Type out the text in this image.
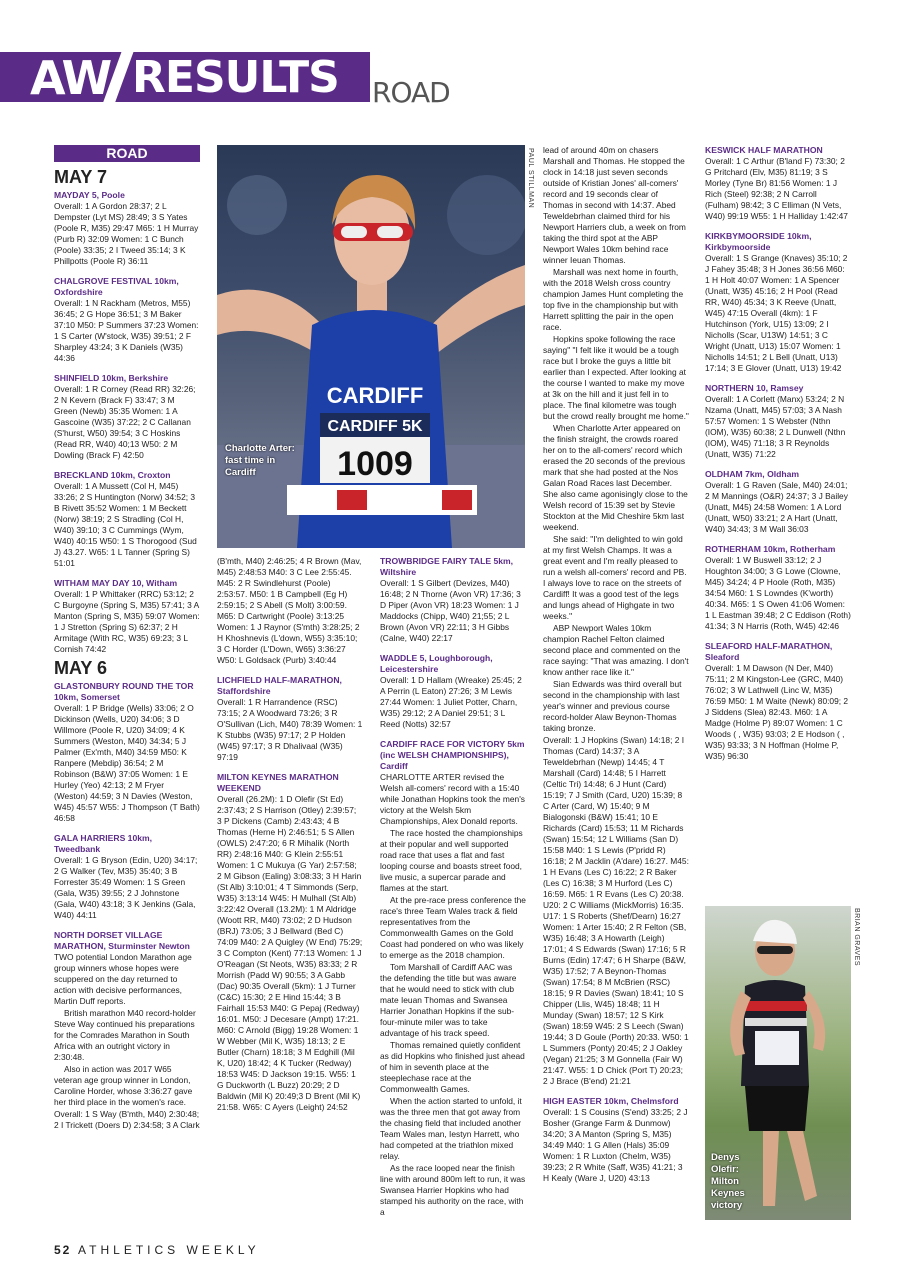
AW RESULTS ROAD
ROAD
MAY 7
MAYDAY 5, Poole

Overall: 1 A Gordon 28:37; 2 L Dempster (Lyt MS) 28:49; 3 S Yates (Poole R, M35) 29:47 M65: 1 H Murray (Purb R) 32:09 Women: 1 C Bunch (Poole) 33:35; 2 I Tweed 35:14; 3 K Phillpotts (Poole R) 36:11

CHALGROVE FESTIVAL 10km, Oxfordshire

Overall: 1 N Rackham (Metros, M55) 36:45; 2 G Hope 36:51; 3 M Baker 37:10 M50: P Summers 37:23 Women: 1 S Carter (W'stock, W35) 39:51; 2 F Sharpley 43:24; 3 K Daniels (W35) 44:36

SHINFIELD 10km, Berkshire

Overall: 1 R Corney (Read RR) 32:26; 2 N Kevern (Brack F) 33:47; 3 M Green (Newb) 35:35 Women: 1 A Gascoine (W35) 37:22; 2 C Callanan (S'hurst, W50) 39:54; 3 C Hoskins (Read RR, W40) 40;13 W50: 2 M Dowling (Brack F) 42:50

BRECKLAND 10km, Croxton

Overall: 1 A Mussett (Col H, M45) 33:26; 2 S Huntington (Norw) 34:52; 3 B Rivett 35:52 Women: 1 M Beckett (Norw) 38:19; 2 S Stradling (Col H, W40) 39:10; 3 C Cummings (Wym, W40) 40:15 W50: 1 S Thorogood (Sud J) 43.27. W65: 1 L Tanner (Spring S) 51:01

WITHAM MAY DAY 10, Witham

Overall: 1 P Whittaker (RRC) 53:12; 2 C Burgoyne (Spring S, M35) 57:41; 3 A Manton (Spring S, M35) 59:07 Women: 1 J Stretton (Spring S) 62:37; 2 H Armitage (With RC, W35) 69:23; 3 L Cornish 74:42

MAY 6
GLASTONBURY ROUND THE TOR 10km, Somerset

Overall: 1 P Bridge (Wells) 33:06; 2 O Dickinson (Wells, U20) 34:06; 3 D Willmore (Poole R, U20) 34:09; 4 K Summers (Weston, M40) 34:34; 5 J Palmer (Ex'mth, M40) 34:59 M50: K Ranpere (Mebdip) 36:54; 2 M Robinson (B&W) 37:05 Women: 1 E Hurley (Yeo) 42:13; 2 M Fryer (Weston) 44:59; 3 N Davies (Weston, W45) 45:57 W55: J Thompson (T Bath) 46:58

GALA HARRIERS 10km, Tweedbank

Overall: 1 G Bryson (Edin, U20) 34:17; 2 G Walker (Tev, M35) 35:40; 3 B Forrester 35:49 Women: 1 S Green (Gala, W35) 39:55; 2 J Johnstone (Gala, W40) 43:18; 3 K Jenkins (Gala, W40) 44:11

NORTH DORSET VILLAGE MARATHON, Sturminster Newton

TWO potential London Marathon age group winners whose hopes were scuppered on the day returned to action with decisive performances, Martin Duff reports.

British marathon M40 record-holder Steve Way continued his preparations for the Comrades Marathon in South Africa with an outright victory in 2:30:48.

Also in action was 2017 W65 veteran age group winner in London, Caroline Horder, whose 3:36:27 gave her third place in the women's race.

Overall: 1 S Way (B'mth, M40) 2:30:48; 2 I Trickett (Doers D) 2:34:58; 3 A Clark

CARDIFF
CARDIFF 5K
1009
Charlotte Arter: fast time in Cardiff
PAUL STILLMAN

(B'mth, M40) 2:46:25; 4 R Brown (Mav, M45) 2:48:53 M40: 3 C Lee 2:55:45. M45: 2 R Swindlehurst (Poole) 2:53:57. M50: 1 B Campbell (Eg H) 2:59:15; 2 S Abell (S Molt) 3:00:59. M65: D Cartwright (Poole) 3:13:25 Women: 1 J Raynor (S'mth) 3:28:25; 2 H Khoshnevis (L'down, W55) 3:35:10; 3 C Horder (L'Down, W65) 3:36:27 W50: L Goldsack (Purb) 3:40:44

LICHFIELD HALF-MARATHON, Staffordshire

Overall: 1 R Harrandence (RSC) 73:15; 2 A Woodward 73:26; 3 R O'Sullivan (Lich, M40) 78:39 Women: 1 K Stubbs (W35) 97:17; 2 P Holden (W45) 97:17; 3 R Dhalivaal (W35) 97:19

MILTON KEYNES MARATHON WEEKEND

Overall (26.2M): 1 D Olefir (St Ed) 2:37:43; 2 S Harrison (Otley) 2:39:57; 3 P Dickens (Camb) 2:43:43; 4 B Thomas (Herne H) 2:46:51; 5 S Allen (OWLS) 2:47:20; 6 R Mihalik (North RR) 2:48:16 M40: G Klein 2:55:51 Women: 1 C Mukuya (G Yar) 2:57:58; 2 M Gibson (Ealing) 3:08:33; 3 H Harin (St Alb) 3:10:01; 4 T Simmonds (Serp, W35) 3:13:14 W45: H Mulhall (St Alb) 3:22:42 Overall (13.2M): 1 M Aldridge (Woott RR, M40) 73:02; 2 D Hudson (BRJ) 73:05; 3 J Bellward (Bed C) 74:09 M40: 2 A Quigley (W End) 75:29; 3 C Compton (Kent) 77:13 Women: 1 J O'Reagan (St Neots, W35) 83:33; 2 R Morrish (Padd W) 90:55; 3 A Gabb (Dac) 90:35 Overall (5km): 1 J Turner (C&C) 15:30; 2 E Hind 15:44; 3 B Fairhall 15:53 M40: G Pepaj (Redway) 16:01. M50: J Decesare (Ampt) 17:21. M60: C Arnold (Bigg) 19:28 Women: 1 W Webber (Mil K, W35) 18:13; 2 E Butler (Charn) 18:18; 3 M Edghill (Mil K, U20) 18:42; 4 K Tucker (Redway) 18:53 W45: D Jackson 19:15. W55: 1 G Duckworth (L Buzz) 20:29; 2 D Baldwin (Mil K) 20:49;3 D Brent (Mil K) 21:58. W65: C Ayers (Leight) 24:52

TROWBRIDGE FAIRY TALE 5km, Wiltshire

Overall: 1 S Gilbert (Devizes, M40) 16:48; 2 N Thorne (Avon VR) 17:36; 3 D Piper (Avon VR) 18:23 Women: 1 J Maddocks (Chipp, W40) 21;55; 2 L Brown (Avon VR) 22:11; 3 H Gibbs (Calne, W40) 22:17

WADDLE 5, Loughborough, Leicestershire

Overall: 1 D Hallam (Wreake) 25:45; 2 A Perrin (L Eaton) 27:26; 3 M Lewis 27:44 Women: 1 Juliet Potter, Charn, W35) 29:12; 2 A Daniel 29:51; 3 L Reed (Notts) 32:57

CARDIFF RACE FOR VICTORY 5km (inc WELSH CHAMPIONSHIPS), Cardiff

CHARLOTTE ARTER revised the Welsh all-comers' record with a 15:40 while Jonathan Hopkins took the men's victory at the Welsh 5km Championships, Alex Donald reports.

The race hosted the championships at their popular and well supported road race that uses a flat and fast looping course and boasts street food, live music, a supercar parade and flames at the start.

At the pre-race press conference the race's three Team Wales track & field representatives from the Commonwealth Games on the Gold Coast had pondered on who was likely to emerge as the 2018 champion.

Tom Marshall of Cardiff AAC was the defending the title but was aware that he would need to stick with club mate Ieuan Thomas and Swansea Harrier Jonathan Hopkins if the sub-four-minute miler was to take advantage of his track speed.

Thomas remained quietly confident as did Hopkins who finished just ahead of him in seventh place at the steeplechase race at the Commonwealth Games.

When the action started to unfold, it was the three men that got away from the chasing field that included another Team Wales man, Iestyn Harrett, who had competed at the triathlon mixed relay.

As the race looped near the finish line with around 800m left to run, it was Swansea Harrier Hopkins who had stamped his authority on the race, with a

lead of around 40m on chasers Marshall and Thomas. He stopped the clock in 14:18 just seven seconds outside of Kristian Jones' all-comers' record and 19 seconds clear of Thomas in second with 14:37. Abed Teweldebrhan claimed third for his Newport Harriers club, a week on from taking the third spot at the ABP Newport Wales 10km behind race winner Ieuan Thomas.

Marshall was next home in fourth, with the 2018 Welsh cross country champion James Hunt completing the top five in the championship but with Harrett splitting the pair in the open race.

Hopkins spoke following the race saying" "I felt like it would be a tough race but I broke the guys a little bit earlier than I expected. After looking at the course I wanted to make my move at 3k on the hill and it just fell in to place. The final kilometre was tough but the crowd really brought me home."

When Charlotte Arter appeared on the finish straight, the crowds roared her on to the all-comers' record which erased the 20 seconds of the previous mark that she had posted at the Nos Galan Road Races last December. She also came agonisingly close to the Welsh record of 15:39 set by Stevie Stockton at the Mid Cheshire 5km last weekend.

She said: "I'm delighted to win gold at my first Welsh Champs. It was a great event and I'm really pleased to run a welsh all-comers' record and PB. I always love to race on the streets of Cardiff! It was a good test of the legs and lungs ahead of Highgate in two weeks."

ABP Newport Wales 10km champion Rachel Felton claimed second place and commented on the race saying: "That was amazing. I don't know anther race like it."

Sian Edwards was third overall but second in the championship with last year's winner and previous course record-holder Alaw Beynon-Thomas taking bronze.

Overall: 1 J Hopkins (Swan) 14:18; 2 I Thomas (Card) 14:37; 3 A Teweldebrhan (Newp) 14:45; 4 T Marshall (Card) 14:48; 5 I Harrett (Celtic Tri) 14:48; 6 J Hunt (Card) 15:19; 7 J Smith (Card, U20) 15:39; 8 C Arter (Card, W) 15:40; 9 M Bialogonski (B&W) 15:41; 10 E Richards (Card) 15:53; 11 M Richards (Swan) 15:54; 12 L Williams (San D) 15:58 M40: 1 S Lewis (P'pridd R) 16:18; 2 M Jacklin (A'dare) 16:27. M45: 1 H Evans (Les C) 16:22; 2 R Baker (Les C) 16:38; 3 M Hurford (Les C) 16:59. M65: 1 R Evans (Les C) 20:38. U20: 2 C Williams (MickMorris) 16:35. U17: 1 S Roberts (Shef/Dearn) 16:27 Women: 1 Arter 15:40; 2 R Felton (SB, W35) 16:48; 3 A Howarth (Leigh) 17:01; 4 S Edwards (Swan) 17:16; 5 R Burns (Edin) 17:47; 6 H Sharpe (B&W, W35) 17:52; 7 A Beynon-Thomas (Swan) 17:54; 8 M McBrien (RSC) 18:15; 9 R Davies (Swan) 18:41; 10 S Chipper (Llis, W45) 18:48; 11 H Munday (Swan) 18:57; 12 S Kirk (Swan) 18:59 W45: 2 S Leech (Swan) 19:44; 3 D Goule (Porth) 20:33. W50: 1 L Summers (Ponty) 20:45; 2 J Oakley (Vegan) 21:25; 3 M Gonnella (Fair W) 21:47. W55: 1 D Chick (Port T) 20:23; 2 J Brace (B'end) 21:21

HIGH EASTER 10km, Chelmsford

Overall: 1 S Cousins (S'end) 33:25; 2 J Bosher (Grange Farm & Dunmow) 34:20; 3 A Manton (Spring S, M35) 34:49 M40: 1 G Allen (Hals) 35:09 Women: 1 R Luxton (Chelm, W35) 39:23; 2 R White (Saff, W35) 41:21; 3 H Kealy (Ware J, U20) 43:13

KESWICK HALF MARATHON

Overall: 1 C Arthur (B'land F) 73:30; 2 G Pritchard (Elv, M35) 81:19; 3 S Morley (Tyne Br) 81:56 Women: 1 J Rich (Steel) 92:38; 2 N Carroll (Fulham) 98:42; 3 C Elliman (N Vets, W40) 99:19 W55: 1 H Halliday 1:42:47

KIRKBYMOORSIDE 10km, Kirkbymoorside

Overall: 1 S Grange (Knaves) 35:10; 2 J Fahey 35:48; 3 H Jones 36:56 M60: 1 H Holt 40:07 Women: 1 A Spencer (Unatt, W35) 45:16; 2 H Pool (Read RR, W40) 45:34; 3 K Reeve (Unatt, W45) 47:15 Overall (4km): 1 F Hutchinson (York, U15) 13:09; 2 I Nicholls (Scar, U13W) 14:51; 3 C Wright (Unatt, U13) 15:07 Women: 1 Nicholls 14:51; 2 L Bell (Unatt, U13) 17:14; 3 E Glover (Unatt, U13) 19:42

NORTHERN 10, Ramsey

Overall: 1 A Corlett (Manx) 53:24; 2 N Nzama (Unatt, M45) 57:03; 3 A Nash 57:57 Women: 1 S Webster (Nthn (IOM), W35) 60:38; 2 L Dunwell (Nthn (IOM), W45) 71:18; 3 R Reynolds (Unatt, W35) 71:22

OLDHAM 7km, Oldham

Overall: 1 G Raven (Sale, M40) 24:01; 2 M Mannings (O&R) 24:37; 3 J Bailey (Unatt, M45) 24:58 Women: 1 A Lord (Unatt, W50) 33:21; 2 A Hart (Unatt, W40) 34:43; 3 M Wall 36:03

ROTHERHAM 10km, Rotherham

Overall: 1 W Buswell 33:12; 2 J Houghton 34:00; 3 G Lowe (Clowne, M45) 34:24; 4 P Hoole (Roth, M35) 34:54 M60: 1 S Lowndes (K'worth) 40:34. M65: 1 S Owen 41:06 Women: 1 L Eastman 39:48; 2 C Eddison (Roth) 41:34; 3 N Harris (Roth, W45) 42:46

SLEAFORD HALF-MARATHON, Sleaford

Overall: 1 M Dawson (N Der, M40) 75:11; 2 M Kingston-Lee (GRC, M40) 76:02; 3 W Lathwell (Linc W, M35) 76:59 M50: 1 M Waite (Newk) 80:09; 2 J Siddens (Slea) 82:43. M60: 1 A Madge (Holme P) 89:07 Women: 1 C Woods ( , W35) 93:03; 2 E Hodson ( , W35) 93:33; 3 N Hoffman (Holme P, W35) 96:30

Denys Olefir: Milton Keynes victory
BRIAN GRAVES
52 ATHLETICS WEEKLY
